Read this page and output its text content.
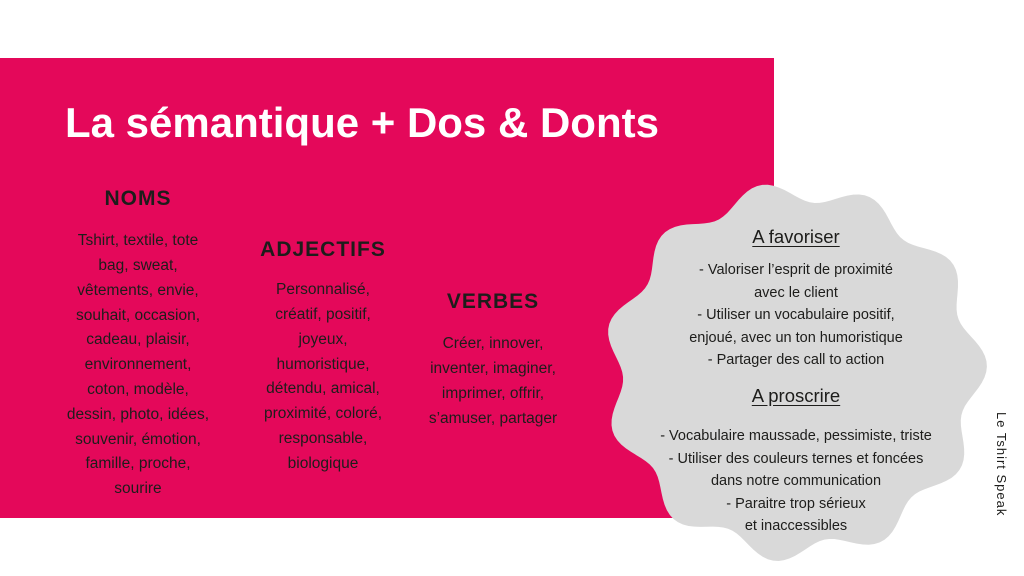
La sémantique + Dos & Donts
NOMS
Tshirt, textile, tote
bag, sweat,
vêtements, envie,
souhait, occasion,
cadeau, plaisir,
environnement,
coton, modèle,
dessin, photo, idées,
souvenir, émotion,
famille, proche,
sourire
ADJECTIFS
Personnalisé,
créatif, positif,
joyeux,
humoristique,
détendu, amical,
proximité, coloré,
responsable,
biologique
VERBES
Créer, innover,
inventer, imaginer,
imprimer, offrir,
s’amuser, partager
A favoriser
- Valoriser l’esprit de proximité
avec le client
- Utiliser un vocabulaire positif,
enjoué, avec un ton humoristique
- Partager des call to action
A proscrire
- Vocabulaire maussade, pessimiste, triste
- Utiliser des couleurs ternes et foncées
dans notre communication
- Paraitre trop sérieux
et inaccessibles
Le Tshirt Speak
